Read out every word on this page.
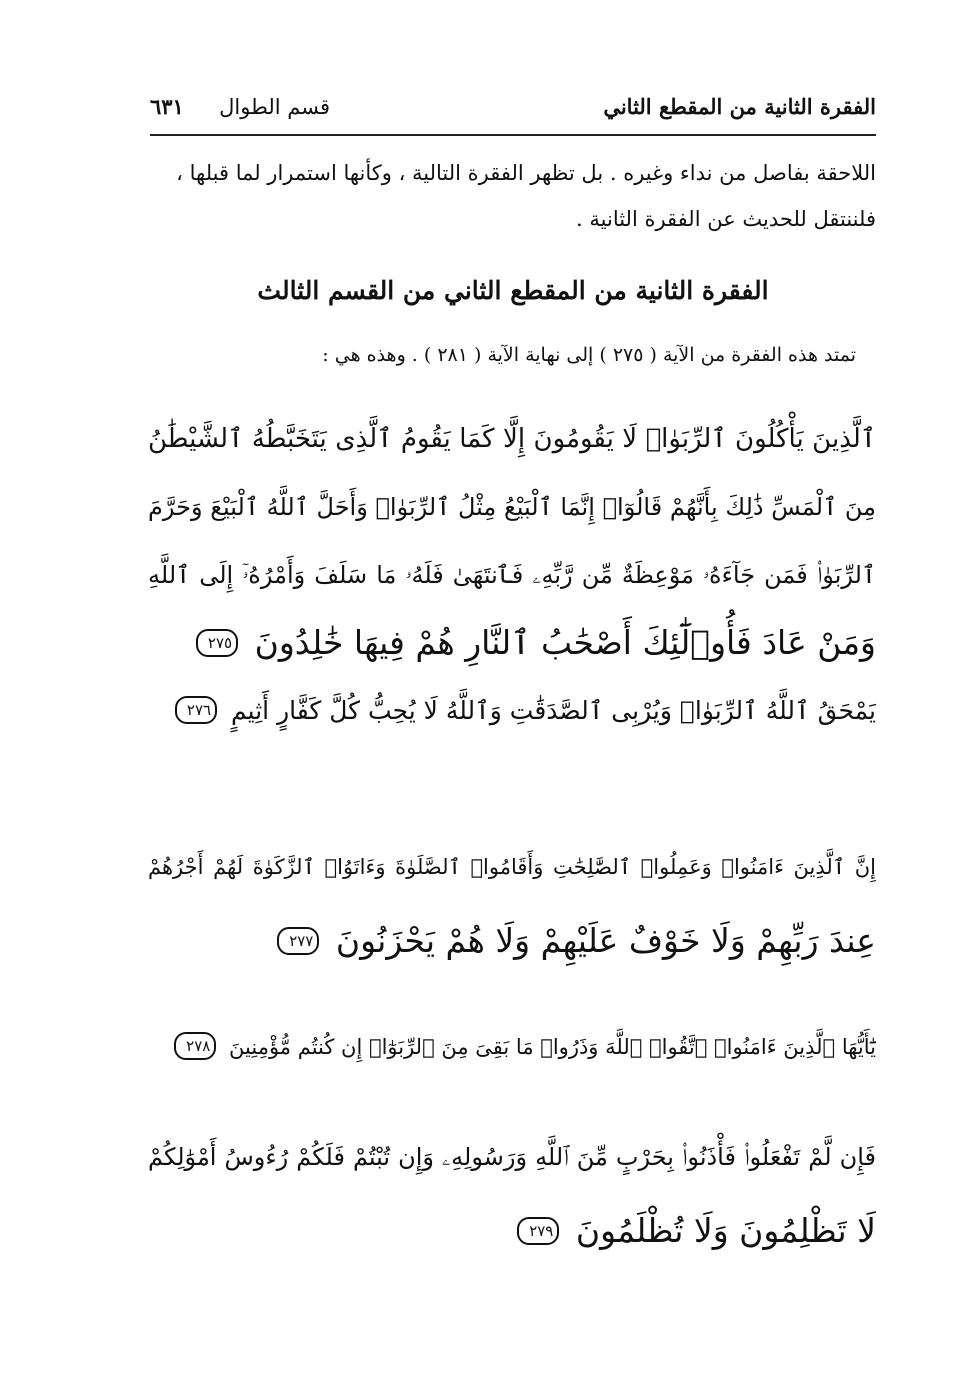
الفقرة الثانية من المقطع الثاني
قسم الطوال ٦٣١

اللاحقة بفاصل من نداء وغيره . بل تظهر الفقرة التالية ، وكأنها استمرار لما قبلها ،

فلننتقل للحديث عن الفقرة الثانية .

الفقرة الثانية من المقطع الثاني من القسم الثالث
تمتد هذه الفقرة من الآية ( ٢٧٥ ) إلى نهاية الآية ( ٢٨١ ) . وهذه هي :
ٱلَّذِينَ يَأْكُلُونَ ٱلرِّبَوٰا۟ لَا يَقُومُونَ إِلَّا كَمَا يَقُومُ ٱلَّذِى يَتَخَبَّطُهُ ٱلشَّيْطَٰنُ
مِنَ ٱلْمَسِّ ذَٰلِكَ بِأَنَّهُمْ قَالُوٓا۟ إِنَّمَا ٱلْبَيْعُ مِثْلُ ٱلرِّبَوٰا۟ وَأَحَلَّ ٱللَّهُ ٱلْبَيْعَ وَحَرَّمَ
ٱلرِّبَوٰا۟ فَمَن جَآءَهُۥ مَوْعِظَةٌ مِّن رَّبِّهِۦ فَٱنتَهَىٰ فَلَهُۥ مَا سَلَفَ وَأَمْرُهُۥٓ إِلَى ٱللَّهِ
وَمَنْ عَادَ فَأُو۟لَٰٓئِكَ أَصْحَٰبُ ٱلنَّارِ هُمْ فِيهَا خَٰلِدُونَ ٢٧٥
يَمْحَقُ ٱللَّهُ ٱلرِّبَوٰا۟ وَيُرْبِى ٱلصَّدَقَٰتِ وَٱللَّهُ لَا يُحِبُّ كُلَّ كَفَّارٍ أَثِيمٍ ٢٧٦
إِنَّ ٱلَّذِينَ ءَامَنُوا۟ وَعَمِلُوا۟ ٱلصَّٰلِحَٰتِ وَأَقَامُوا۟ ٱلصَّلَوٰةَ وَءَاتَوُا۟ ٱلزَّكَوٰةَ لَهُمْ أَجْرُهُمْ
عِندَ رَبِّهِمْ وَلَا خَوْفٌ عَلَيْهِمْ وَلَا هُمْ يَحْزَنُونَ ٢٧٧
يَٰٓأَيُّهَا ٱلَّذِينَ ءَامَنُوا۟ ٱتَّقُوا۟ ٱللَّهَ وَذَرُوا۟ مَا بَقِىَ مِنَ ٱلرِّبَوٰٓا۟ إِن كُنتُم مُّؤْمِنِينَ ٢٧٨
فَإِن لَّمْ تَفْعَلُوا۟ فَأْذَنُوا۟ بِحَرْبٍ مِّنَ ٱللَّهِ وَرَسُولِهِۦ وَإِن تُبْتُمْ فَلَكُمْ رُءُوسُ أَمْوَٰلِكُمْ
لَا تَظْلِمُونَ وَلَا تُظْلَمُونَ ٢٧٩
